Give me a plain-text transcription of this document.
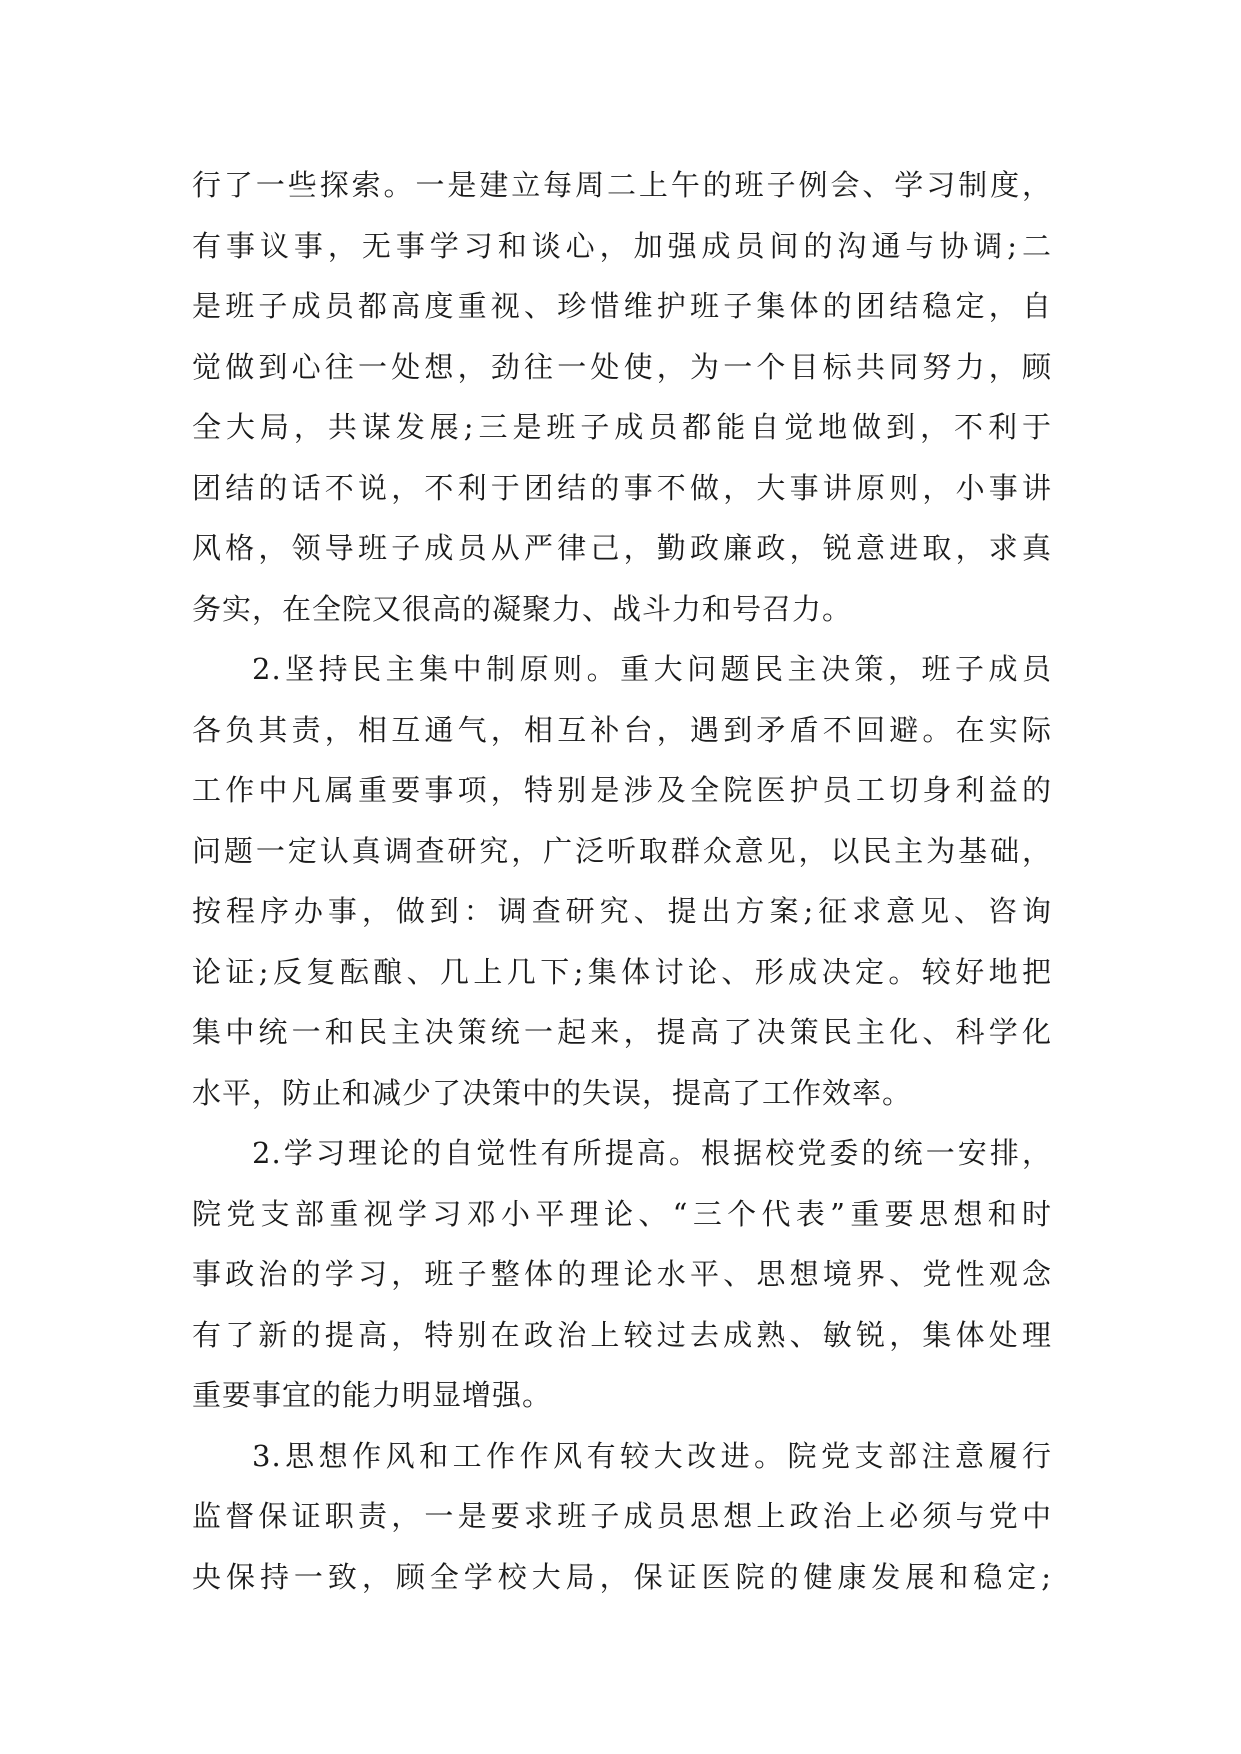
行了一些探索。一是建立每周二上午的班子例会、学习制度，
有事议事，无事学习和谈心，加强成员间的沟通与协调;二
是班子成员都高度重视、珍惜维护班子集体的团结稳定，自
觉做到心往一处想，劲往一处使，为一个目标共同努力，顾
全大局，共谋发展;三是班子成员都能自觉地做到，不利于
团结的话不说，不利于团结的事不做，大事讲原则，小事讲
风格，领导班子成员从严律己，勤政廉政，锐意进取，求真
务实，在全院又很高的凝聚力、战斗力和号召力。
2.坚持民主集中制原则。重大问题民主决策，班子成员
各负其责，相互通气，相互补台，遇到矛盾不回避。在实际
工作中凡属重要事项，特别是涉及全院医护员工切身利益的
问题一定认真调查研究，广泛听取群众意见，以民主为基础，
按程序办事，做到：调查研究、提出方案;征求意见、咨询
论证;反复酝酿、几上几下;集体讨论、形成决定。较好地把
集中统一和民主决策统一起来，提高了决策民主化、科学化
水平，防止和减少了决策中的失误，提高了工作效率。
2.学习理论的自觉性有所提高。根据校党委的统一安排，
院党支部重视学习邓小平理论、“三个代表”重要思想和时
事政治的学习，班子整体的理论水平、思想境界、党性观念
有了新的提高，特别在政治上较过去成熟、敏锐，集体处理
重要事宜的能力明显增强。
3.思想作风和工作作风有较大改进。院党支部注意履行
监督保证职责，一是要求班子成员思想上政治上必须与党中
央保持一致，顾全学校大局，保证医院的健康发展和稳定;
